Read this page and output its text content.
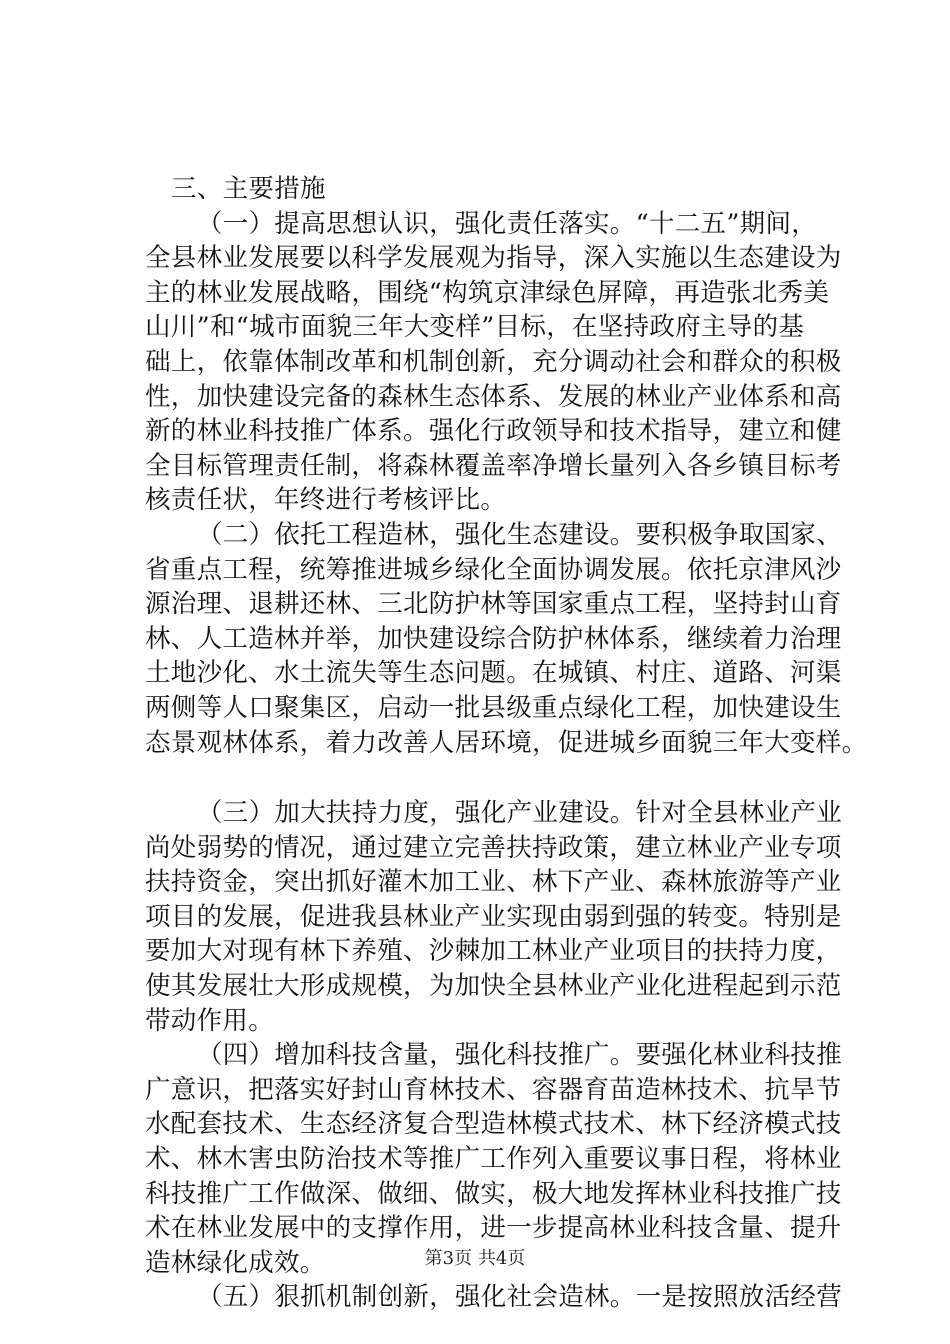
三、主要措施
（一）提高思想认识，强化责任落实。“十二五”期间，
全县林业发展要以科学发展观为指导，深入实施以生态建设为
主的林业发展战略，围绕“构筑京津绿色屏障，再造张北秀美
山川”和“城市面貌三年大变样”目标，在坚持政府主导的基
础上，依靠体制改革和机制创新，充分调动社会和群众的积极
性，加快建设完备的森林生态体系、发展的林业产业体系和高
新的林业科技推广体系。强化行政领导和技术指导，建立和健
全目标管理责任制，将森林覆盖率净增长量列入各乡镇目标考
核责任状，年终进行考核评比。
（二）依托工程造林，强化生态建设。要积极争取国家、
省重点工程，统筹推进城乡绿化全面协调发展。依托京津风沙
源治理、退耕还林、三北防护林等国家重点工程，坚持封山育
林、人工造林并举，加快建设综合防护林体系，继续着力治理
土地沙化、水土流失等生态问题。在城镇、村庄、道路、河渠
两侧等人口聚集区，启动一批县级重点绿化工程，加快建设生
态景观林体系，着力改善人居环境，促进城乡面貌三年大变样。
（三）加大扶持力度，强化产业建设。针对全县林业产业
尚处弱势的情况，通过建立完善扶持政策，建立林业产业专项
扶持资金，突出抓好灌木加工业、林下产业、森林旅游等产业
项目的发展，促进我县林业产业实现由弱到强的转变。特别是
要加大对现有林下养殖、沙棘加工林业产业项目的扶持力度，
使其发展壮大形成规模，为加快全县林业产业化进程起到示范
带动作用。
（四）增加科技含量，强化科技推广。要强化林业科技推
广意识，把落实好封山育林技术、容器育苗造林技术、抗旱节
水配套技术、生态经济复合型造林模式技术、林下经济模式技
术、林木害虫防治技术等推广工作列入重要议事日程，将林业
科技推广工作做深、做细、做实，极大地发挥林业科技推广技
术在林业发展中的支撑作用，进一步提高林业科技含量、提升
造林绿化成效。
（五）狠抓机制创新，强化社会造林。一是按照放活经营
第3页 共4页
